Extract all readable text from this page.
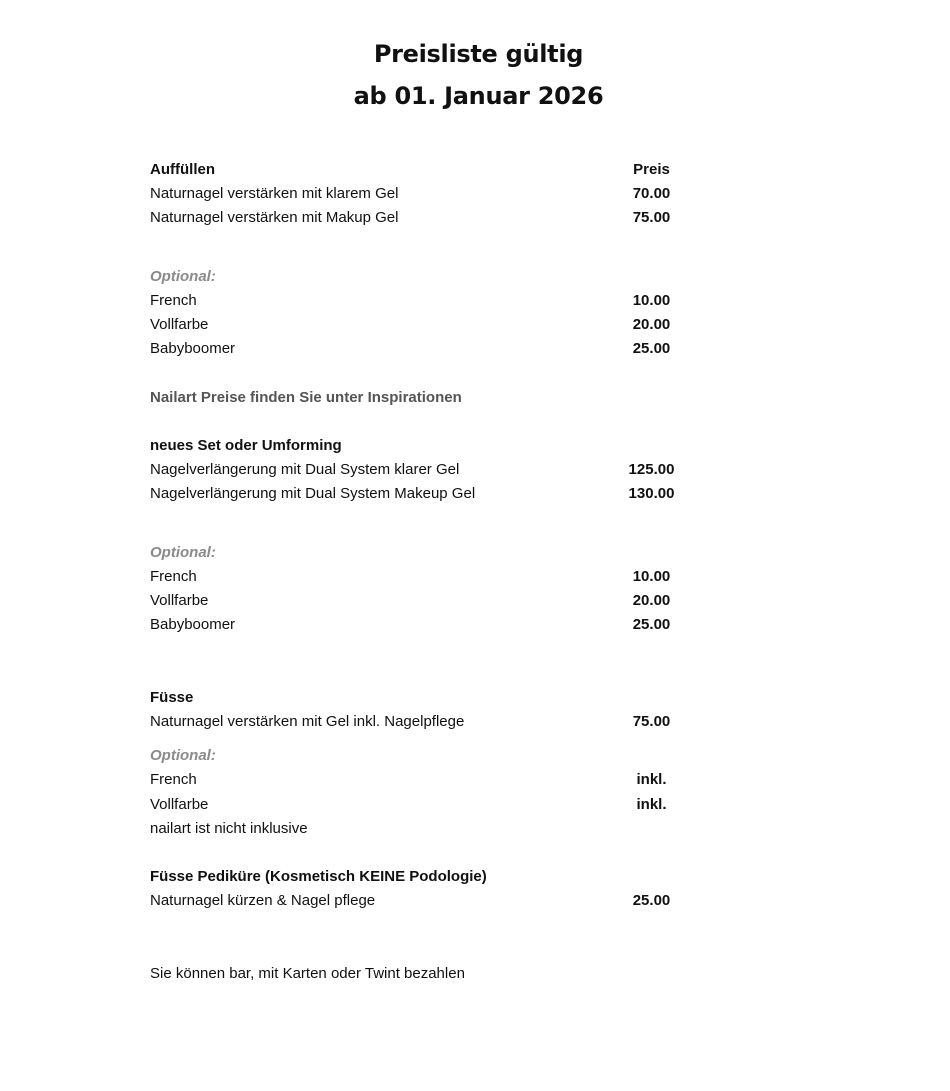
Preisliste gültig
ab 01. Januar 2026
Auffüllen	Preis
Naturnagel verstärken mit klarem Gel	70.00
Naturnagel verstärken mit Makup Gel	75.00
Optional:
French	10.00
Vollfarbe	20.00
Babyboomer	25.00
Nailart Preise finden Sie unter Inspirationen
neues Set oder Umforming
Nagelverlängerung mit Dual System klarer Gel	125.00
Nagelverlängerung mit Dual System Makeup Gel	130.00
Optional:
French	10.00
Vollfarbe	20.00
Babyboomer	25.00
Füsse
Naturnagel verstärken mit Gel inkl. Nagelpflege	75.00
Optional:
French	inkl.
Vollfarbe	inkl.
nailart ist nicht inklusive
Füsse Pediküre (Kosmetisch KEINE Podologie)
Naturnagel kürzen & Nagel pflege	25.00
Sie können bar, mit Karten oder Twint bezahlen
